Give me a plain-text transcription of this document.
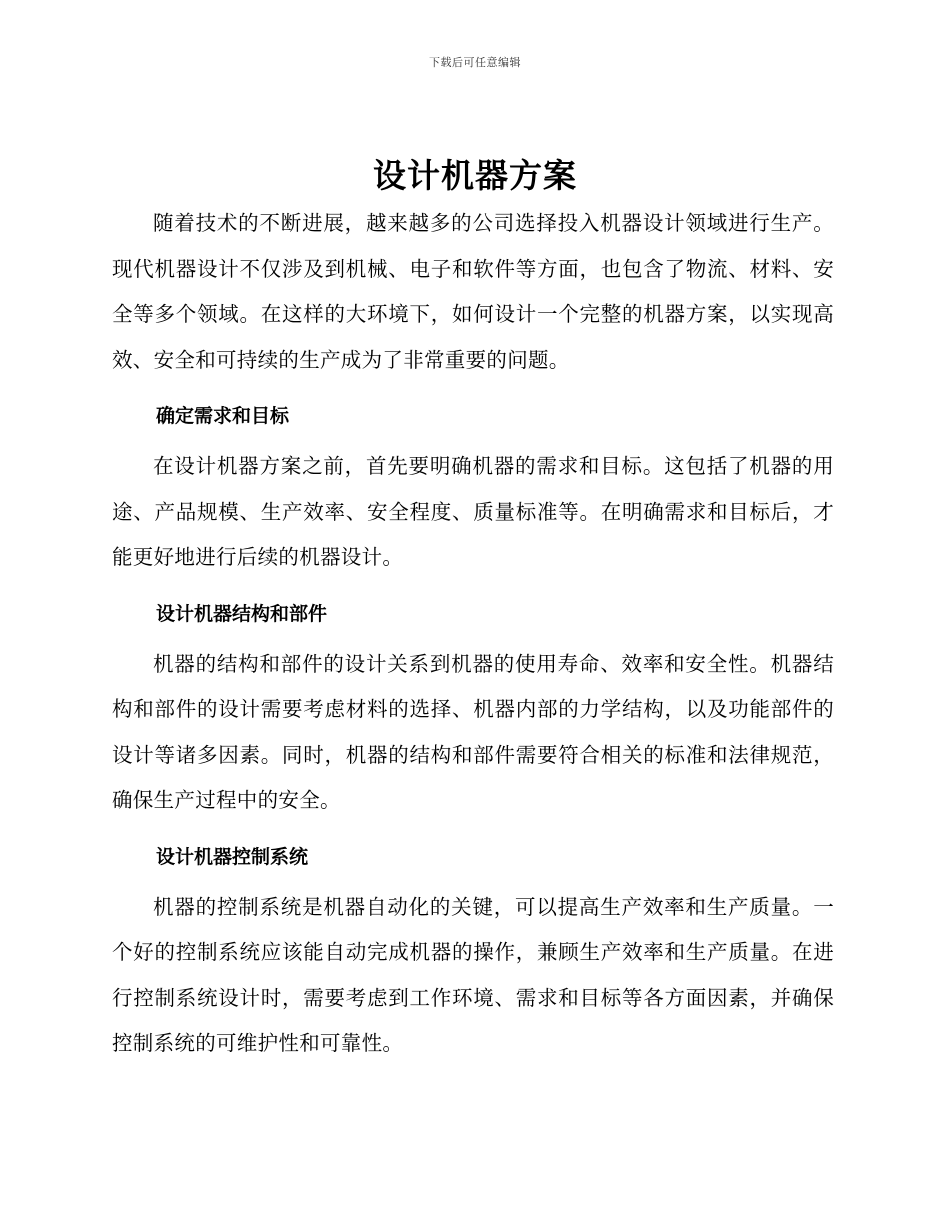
下载后可任意编辑
设计机器方案

随着技术的不断进展，越来越多的公司选择投入机器设计领域进行生产。现代机器设计不仅涉及到机械、电子和软件等方面，也包含了物流、材料、安全等多个领域。在这样的大环境下，如何设计一个完整的机器方案，以实现高效、安全和可持续的生产成为了非常重要的问题。

确定需求和目标

在设计机器方案之前，首先要明确机器的需求和目标。这包括了机器的用途、产品规模、生产效率、安全程度、质量标准等。在明确需求和目标后，才能更好地进行后续的机器设计。

设计机器结构和部件

机器的结构和部件的设计关系到机器的使用寿命、效率和安全性。机器结构和部件的设计需要考虑材料的选择、机器内部的力学结构，以及功能部件的设计等诸多因素。同时，机器的结构和部件需要符合相关的标准和法律规范，确保生产过程中的安全。

设计机器控制系统

机器的控制系统是机器自动化的关键，可以提高生产效率和生产质量。一个好的控制系统应该能自动完成机器的操作，兼顾生产效率和生产质量。在进行控制系统设计时，需要考虑到工作环境、需求和目标等各方面因素，并确保控制系统的可维护性和可靠性。
